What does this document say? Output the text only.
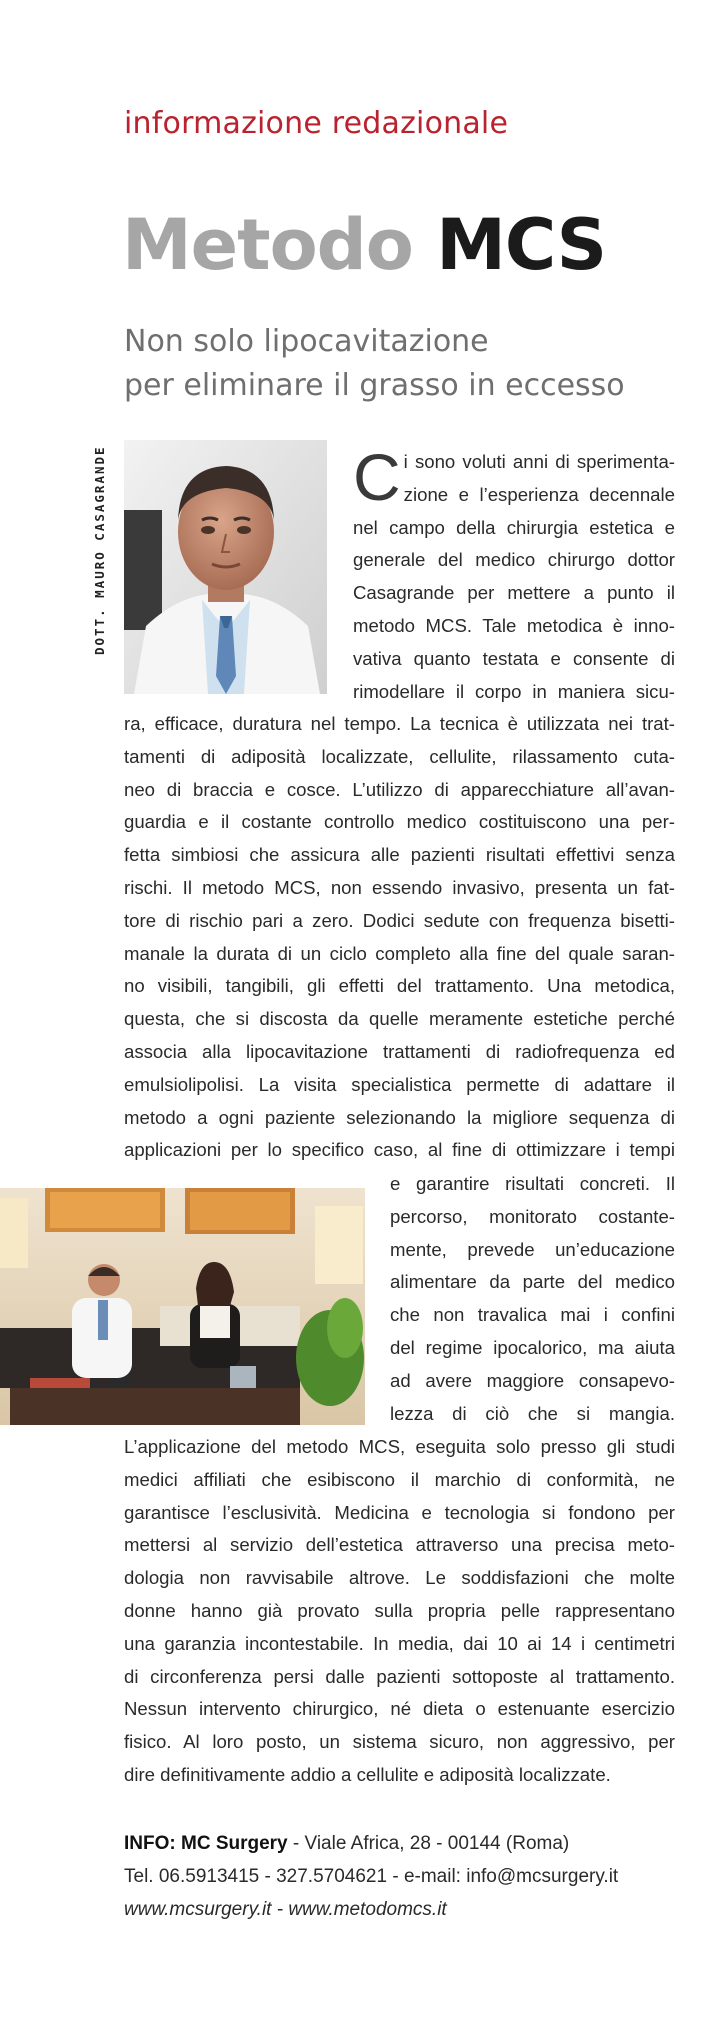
informazione redazionale
Metodo MCS
Non solo lipocavitazione
per eliminare il grasso in eccesso
DOTT. MAURO CASAGRANDE	C i sono voluti anni di sperimenta-

zione e l’esperienza decennale

nel campo della chirurgia estetica e

generale del medico chirurgo dottor

Casagrande per mettere a punto il

metodo MCS. Tale metodica è inno-

vativa quanto testata e consente di

rimodellare il corpo in maniera sicu-

ra, efficace, duratura nel tempo. La tecnica è utilizzata nei trat-

tamenti di adiposità localizzate, cellulite, rilassamento cuta-

neo di braccia e cosce. L’utilizzo di apparecchiature all’avan-

guardia e il costante controllo medico costituiscono una per-

fetta simbiosi che assicura alle pazienti risultati effettivi senza

rischi. Il metodo MCS, non essendo invasivo, presenta un fat-

tore di rischio pari a zero. Dodici sedute con frequenza bisetti-

manale la durata di un ciclo completo alla fine del quale saran-

no visibili, tangibili, gli effetti del trattamento. Una metodica,

questa, che si discosta da quelle meramente estetiche perché

associa alla lipocavitazione trattamenti di radiofrequenza ed

emulsiolipolisi. La visita specialistica permette di adattare il

metodo a ogni paziente selezionando la migliore sequenza di

applicazioni per lo specifico caso, al fine di ottimizzare i tempi

e garantire risultati concreti. Il

percorso, monitorato costante-

mente, prevede un’educazione

alimentare da parte del medico

che non travalica mai i confini

del regime ipocalorico, ma aiuta

ad avere maggiore consapevo-

lezza di ciò che si mangia.

L’applicazione del metodo MCS, eseguita solo presso gli studi

medici affiliati che esibiscono il marchio di conformità, ne

garantisce l’esclusività. Medicina e tecnologia si fondono per

mettersi al servizio dell’estetica attraverso una precisa meto-

dologia non ravvisabile altrove. Le soddisfazioni che molte

donne hanno già provato sulla propria pelle rappresentano

una garanzia incontestabile. In media, dai 10 ai 14 i centimetri

di circonferenza persi dalle pazienti sottoposte al trattamento.

Nessun intervento chirurgico, né dieta o estenuante esercizio

fisico. Al loro posto, un sistema sicuro, non aggressivo, per

dire definitivamente addio a cellulite e adiposità localizzate.

INFO: MC Surgery - Viale Africa, 28 - 00144 (Roma)
Tel. 06.5913415 - 327.5704621 - e-mail: info@mcsurgery.it
www.mcsurgery.it - www.metodomcs.it
